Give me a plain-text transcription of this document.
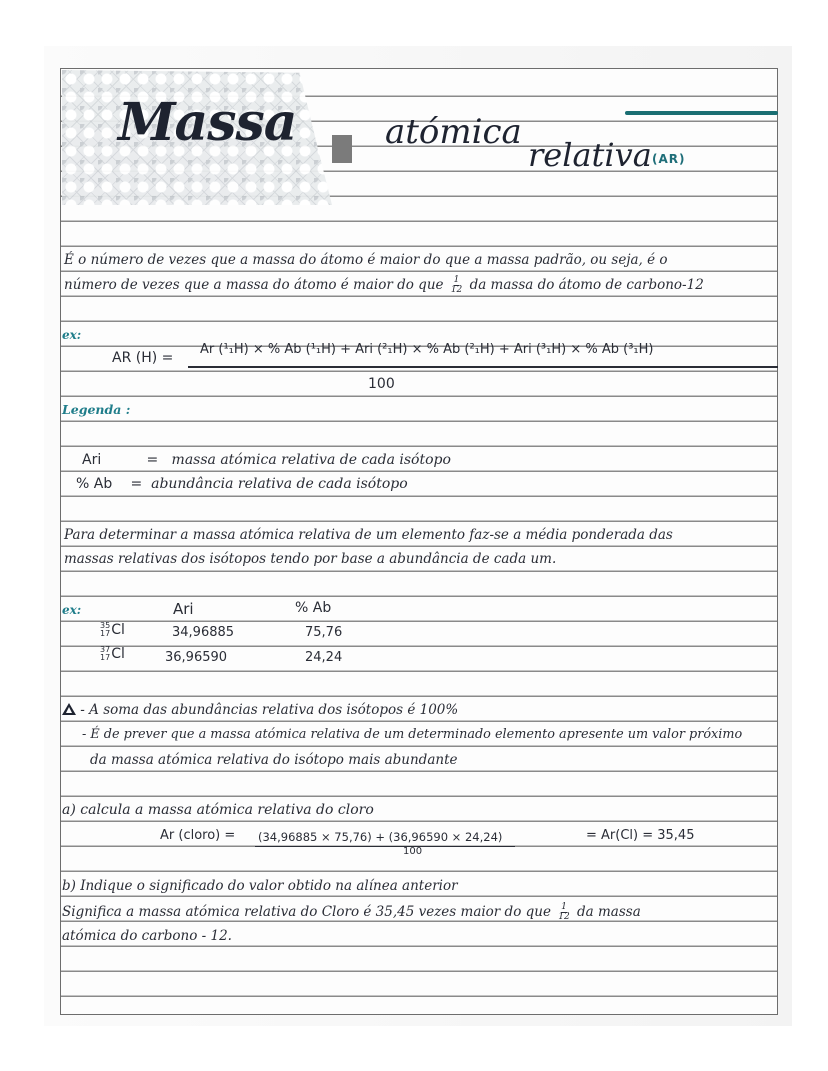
Massa	atómica
relativa (AR)
É o número de vezes que a massa do átomo é maior do que a massa padrão, ou seja, é o
número de vezes que a massa do átomo é maior do que $\frac{1}{12}$ da massa do átomo de carbono-12
ex:
AR (H) =
Ar (¹₁H) × % Ab (¹₁H) + Ari (²₁H) × % Ab (²₁H) + Ari (³₁H) × % Ab (³₁H)
100
Legenda :
Ari	= massa atómica relativa de cada isótopo
% Ab = abundância relativa de cada isótopo
Para determinar a massa atómica relativa de um elemento faz-se a média ponderada das
massas relativas dos isótopos tendo por base a abundância de cada um.
ex:	Ari	% Ab
35
17 Cl	34,96885	75,76
37
17 Cl	36,96590	24,24
- A soma das abundâncias relativa dos isótopos é 100%
- É de prever que a massa atómica relativa de um determinado elemento apresente um valor próximo
da massa atómica relativa do isótopo mais abundante
a) calcula a massa atómica relativa do cloro
Ar (cloro) = (34,96885 × 75,76) + (36,96590 × 24,24)
100
= Ar(Cl) = 35,45
b) Indique o significado do valor obtido na alínea anterior
Significa a massa atómica relativa do Cloro é 35,45 vezes maior do que $\frac{1}{12}$ da massa
atómica do carbono - 12.
